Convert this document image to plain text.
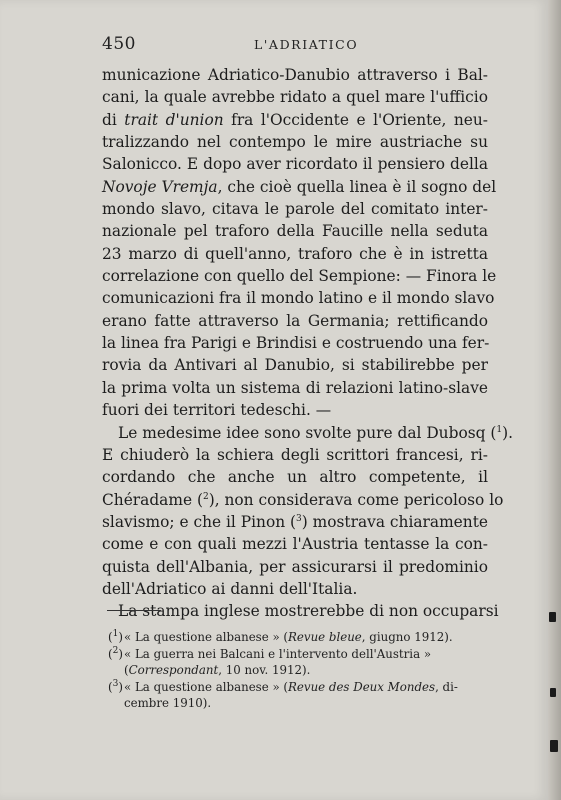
450	L'ADRIATICO
municazione Adriatico-Danubio attraverso i Bal-
cani, la quale avrebbe ridato a quel mare l'ufficio
di trait d'union fra l'Occidente e l'Oriente, neu-
tralizzando nel contempo le mire austriache su
Salonicco. E dopo aver ricordato il pensiero della
Novoje Vremja, che cioè quella linea è il sogno del
mondo slavo, citava le parole del comitato inter-
nazionale pel traforo della Faucille nella seduta
23 marzo di quell'anno, traforo che è in istretta
correlazione con quello del Sempione: — Finora le
comunicazioni fra il mondo latino e il mondo slavo
erano fatte attraverso la Germania; rettificando
la linea fra Parigi e Brindisi e costruendo una fer-
rovia da Antivari al Danubio, si stabilirebbe per
la prima volta un sistema di relazioni latino-slave
fuori dei territori tedeschi. —
Le medesime idee sono svolte pure dal Dubosq ($^1$).
E chiuderò la schiera degli scrittori francesi, ri-
cordando che anche un altro competente, il
Chéradame ($^2$), non considerava come pericoloso lo
slavismo; e che il Pinon ($^3$) mostrava chiaramente
come e con quali mezzi l'Austria tentasse la con-
quista dell'Albania, per assicurarsi il predominio
dell'Adriatico ai danni dell'Italia.
La stampa inglese mostrerebbe di non occuparsi
($^1$)« La questione albanese » (Revue bleue, giugno 1912).
($^2$)« La guerra nei Balcani e l'intervento dell'Austria »
(Correspondant, 10 nov. 1912).
($^3$)« La questione albanese » (Revue des Deux Mondes, di-
cembre 1910).
